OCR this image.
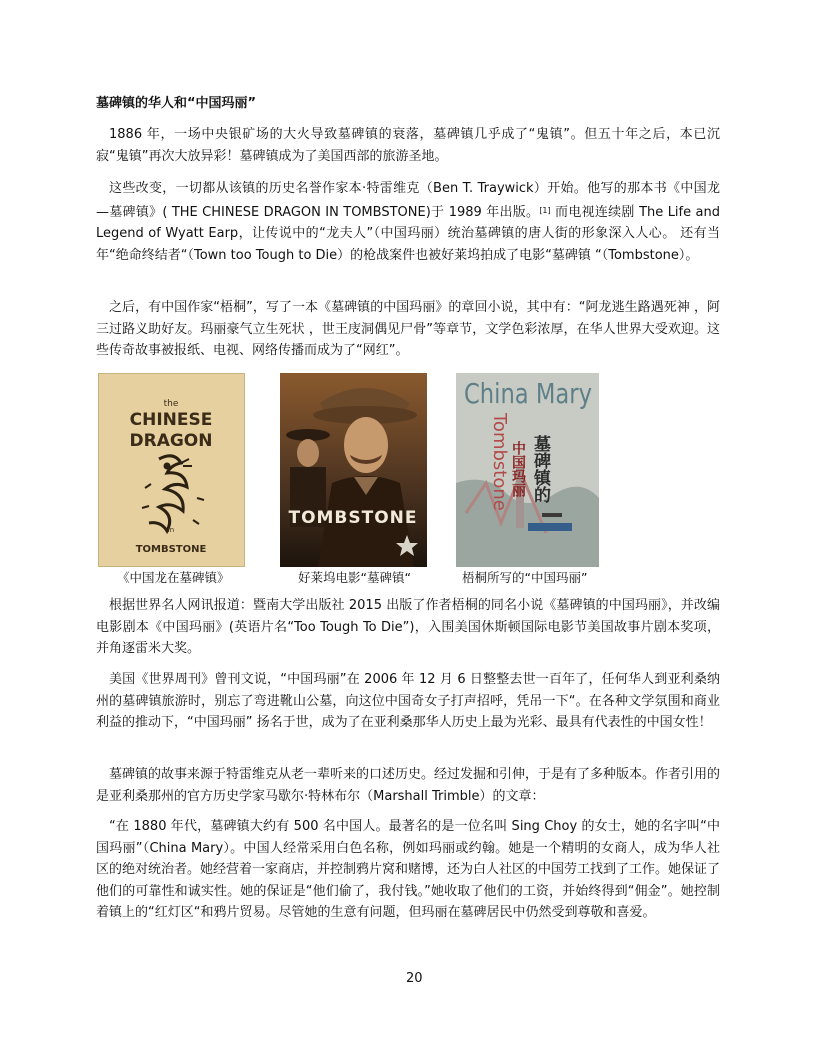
墓碑镇的华人和“中国玛丽”

1886 年，一场中央银矿场的大火导致墓碑镇的衰落，墓碑镇几乎成了“鬼镇”。但五十年之后，本已沉寂“鬼镇”再次大放异彩！墓碑镇成为了美国西部的旅游圣地。

这些改变，一切都从该镇的历史名誉作家本·特雷维克（Ben T. Traywick）开始。他写的那本书《中国龙—墓碑镇》( THE CHINESE DRAGON IN TOMBSTONE)于 1989 年出版。[1] 而电视连续剧 The Life and Legend of Wyatt Earp，让传说中的“龙夫人”（中国玛丽）统治墓碑镇的唐人街的形象深入人心。 还有当年“绝命终结者“（Town too Tough to Die）的枪战案件也被好莱坞拍成了电影“墓碑镇 “（Tombstone）。

之后，有中国作家“梧桐”，写了一本《墓碑镇的中国玛丽》的章回小说，其中有：“阿龙逃生路遇死神 ，阿三过路义助好友。玛丽豪气立生死状 ，世王庋洞偶见尸骨”等章节，文学色彩浓厚，在华人世界大受欢迎。这些传奇故事被报纸、电视、网络传播而成为了“网红”。

the
CHINESE
DRAGON
in
TOMBSTONE
TOMBSTONE
China Mary
Tombstone 墓碑镇的
中国玛丽
《中国龙在墓碑镇》	好莱坞电影“墓碑镇“	梧桐所写的“中国玛丽”

根据世界名人网讯报道：暨南大学出版社 2015 出版了作者梧桐的同名小说《墓碑镇的中国玛丽》，并改编电影剧本《中国玛丽》(英语片名“Too Tough To Die”)，入围美国休斯顿国际电影节美国故事片剧本奖项，并角逐雷米大奖。

美国《世界周刊》曾刊文说，“中国玛丽”在 2006 年 12 月 6 日整整去世一百年了，任何华人到亚利桑纳州的墓碑镇旅游时，别忘了弯进靴山公墓，向这位中国奇女子打声招呼，凭吊一下“。在各种文学氛围和商业利益的推动下，“中国玛丽” 扬名于世，成为了在亚利桑那华人历史上最为光彩、最具有代表性的中国女性！

墓碑镇的故事来源于特雷维克从老一辈听来的口述历史。经过发掘和引伸，于是有了多种版本。作者引用的是亚利桑那州的官方历史学家马歇尔·特林布尔（Marshall Trimble）的文章：

“在 1880 年代，墓碑镇大约有 500 名中国人。最著名的是一位名叫 Sing Choy 的女士，她的名字叫“中国玛丽”（China Mary）。中国人经常采用白色名称，例如玛丽或约翰。她是一个精明的女商人，成为华人社区的绝对统治者。她经营着一家商店，并控制鸦片窝和赌博，还为白人社区的中国劳工找到了工作。她保证了他们的可靠性和诚实性。她的保证是“他们偷了，我付钱。”她收取了他们的工资，并始终得到“佣金”。她控制着镇上的“红灯区“和鸦片贸易。尽管她的生意有问题，但玛丽在墓碑居民中仍然受到尊敬和喜爱。

20
